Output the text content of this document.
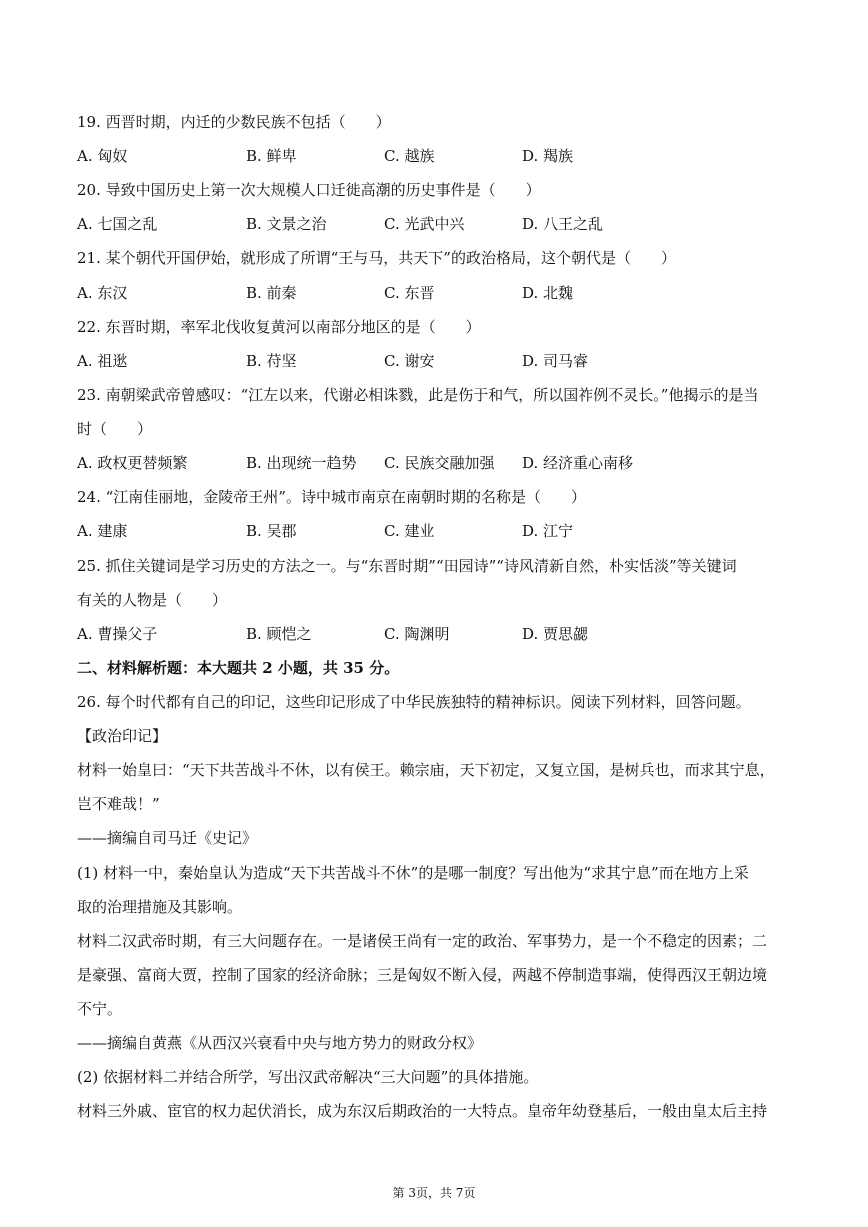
19. 西晋时期，内迁的少数民族不包括（　　）
A. 匈奴	B. 鲜卑	C. 越族	D. 羯族
20. 导致中国历史上第一次大规模人口迁徙高潮的历史事件是（　　）
A. 七国之乱	B. 文景之治	C. 光武中兴	D. 八王之乱
21. 某个朝代开国伊始，就形成了所谓“王与马，共天下”的政治格局，这个朝代是（　　）
A. 东汉	B. 前秦	C. 东晋	D. 北魏
22. 东晋时期，率军北伐收复黄河以南部分地区的是（　　）
A. 祖逖	B. 苻坚	C. 谢安	D. 司马睿
23. 南朝梁武帝曾感叹：“江左以来，代谢必相诛戮，此是伤于和气，所以国祚例不灵长。”他揭示的是当
时（　　）
A. 政权更替频繁	B. 出现统一趋势 C. 民族交融加强 D. 经济重心南移
24. “江南佳丽地，金陵帝王州”。诗中城市南京在南朝时期的名称是（　　）
A. 建康	B. 吴郡	C. 建业	D. 江宁
25. 抓住关键词是学习历史的方法之一。与“东晋时期”“田园诗”“诗风清新自然，朴实恬淡”等关键词
有关的人物是（　　）
A. 曹操父子	B. 顾恺之	C. 陶渊明	D. 贾思勰
二、材料解析题：本大题共 2 小题，共 35 分。
26. 每个时代都有自己的印记，这些印记形成了中华民族独特的精神标识。阅读下列材料，回答问题。
【政治印记】
材料一始皇曰：“天下共苦战斗不休，以有侯王。赖宗庙，天下初定，又复立国，是树兵也，而求其宁息，
岂不难哉！”
——摘编自司马迁《史记》
(1) 材料一中，秦始皇认为造成“天下共苦战斗不休”的是哪一制度？写出他为“求其宁息”而在地方上采
取的治理措施及其影响。
材料二汉武帝时期，有三大问题存在。一是诸侯王尚有一定的政治、军事势力，是一个不稳定的因素；二
是豪强、富商大贾，控制了国家的经济命脉；三是匈奴不断入侵，两越不停制造事端，使得西汉王朝边境
不宁。
——摘编自黄燕《从西汉兴衰看中央与地方势力的财政分权》
(2) 依据材料二并结合所学，写出汉武帝解决“三大问题”的具体措施。
材料三外戚、宦官的权力起伏消长，成为东汉后期政治的一大特点。皇帝年幼登基后，一般由皇太后主持
第 3页，共 7页
